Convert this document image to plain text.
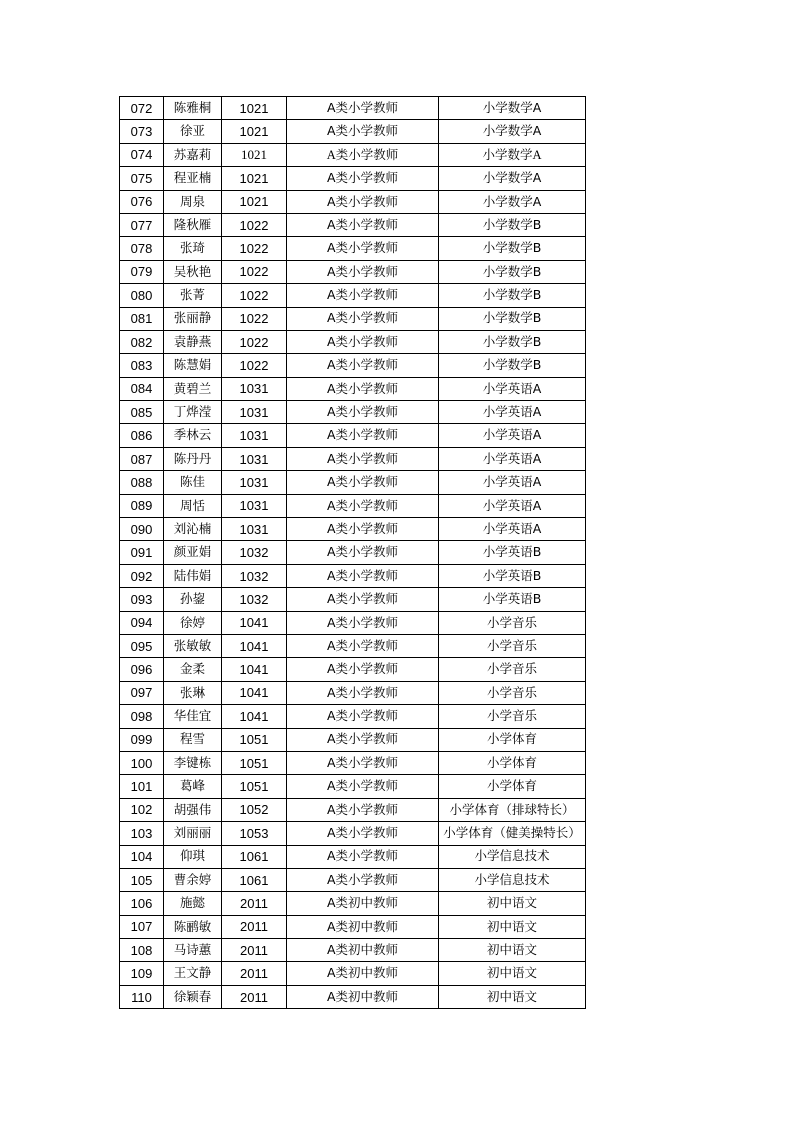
072	陈雅桐	1021	A类小学教师	小学数学A
073	徐亚	1021	A类小学教师	小学数学A
074	苏嘉莉	1021	A类小学教师	小学数学A
075	程亚楠	1021	A类小学教师	小学数学A
076	周泉	1021	A类小学教师	小学数学A
077	隆秋雁	1022	A类小学教师	小学数学B
078	张琦	1022	A类小学教师	小学数学B
079	吴秋艳	1022	A类小学教师	小学数学B
080	张菁	1022	A类小学教师	小学数学B
081	张丽静	1022	A类小学教师	小学数学B
082	袁静燕	1022	A类小学教师	小学数学B
083	陈慧娟	1022	A类小学教师	小学数学B
084	黄碧兰	1031	A类小学教师	小学英语A
085	丁烨滢	1031	A类小学教师	小学英语A
086	季林云	1031	A类小学教师	小学英语A
087	陈丹丹	1031	A类小学教师	小学英语A
088	陈佳	1031	A类小学教师	小学英语A
089	周恬	1031	A类小学教师	小学英语A
090	刘沁楠	1031	A类小学教师	小学英语A
091	颜亚娟	1032	A类小学教师	小学英语B
092	陆伟娟	1032	A类小学教师	小学英语B
093	孙鋆	1032	A类小学教师	小学英语B
094	徐婷	1041	A类小学教师	小学音乐
095	张敏敏	1041	A类小学教师	小学音乐
096	金柔	1041	A类小学教师	小学音乐
097	张琳	1041	A类小学教师	小学音乐
098	华佳宜	1041	A类小学教师	小学音乐
099	程雪	1051	A类小学教师	小学体育
100	李键栋	1051	A类小学教师	小学体育
101	葛峰	1051	A类小学教师	小学体育
102	胡强伟	1052	A类小学教师	小学体育（排球特长）
103	刘丽丽	1053	A类小学教师	小学体育（健美操特长）
104	仰琪	1061	A类小学教师	小学信息技术
105	曹余婷	1061	A类小学教师	小学信息技术
106	施懿	2011	A类初中教师	初中语文
107	陈鹂敏	2011	A类初中教师	初中语文
108	马诗蕙	2011	A类初中教师	初中语文
109	王文静	2011	A类初中教师	初中语文
110	徐颖春	2011	A类初中教师	初中语文
